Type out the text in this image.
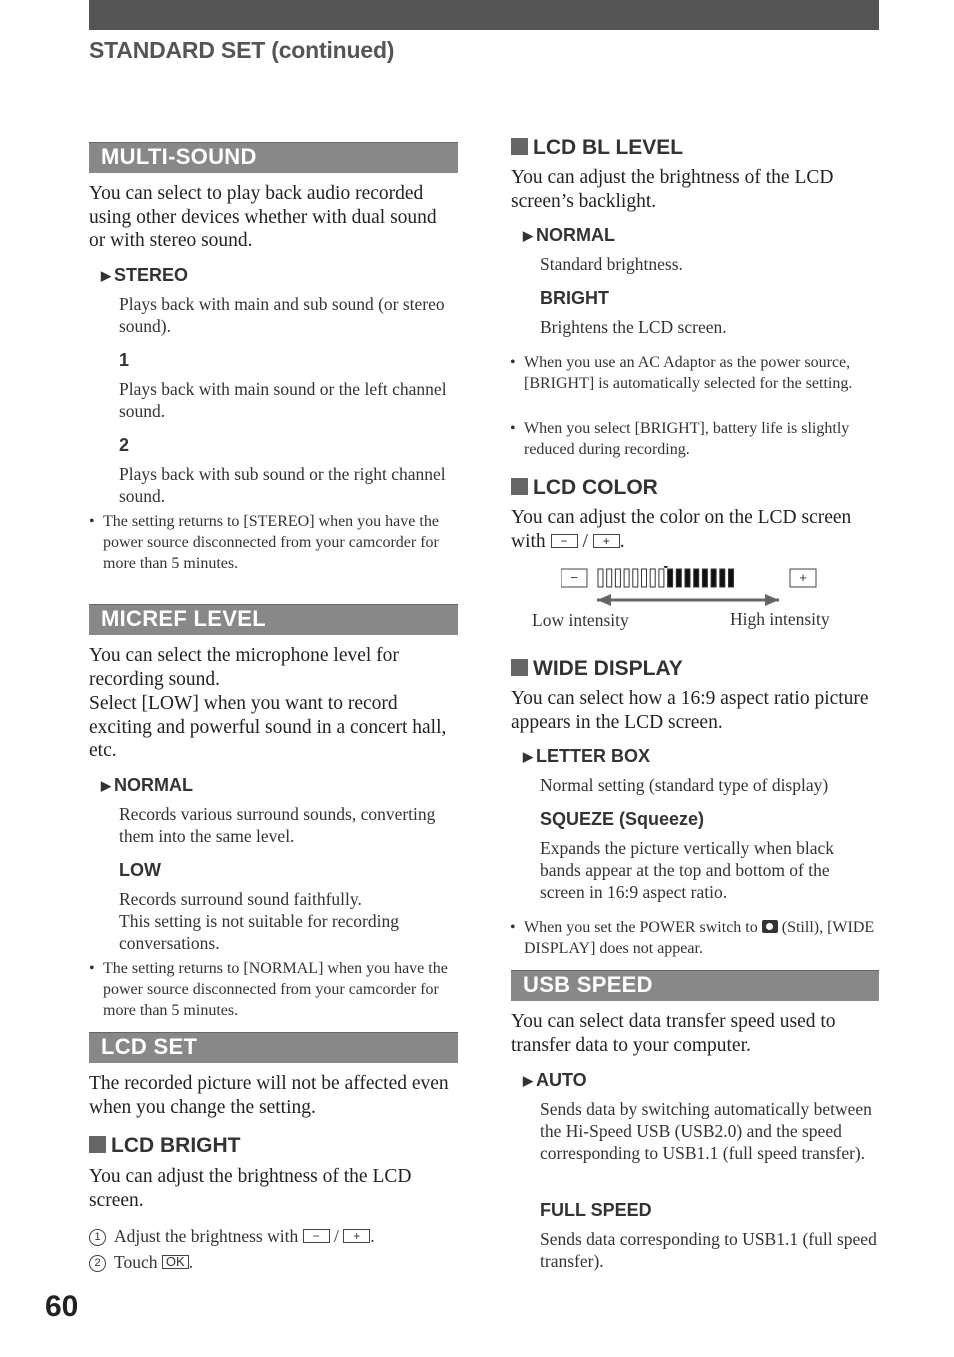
STANDARD SET (continued)
MULTI-SOUND
You can select to play back audio recorded using other devices whether with dual sound or with stereo sound.
▶ STEREO
Plays back with main and sub sound (or stereo sound).
1
Plays back with main sound or the left channel sound.
2
Plays back with sub sound or the right channel sound.
• The setting returns to [STEREO] when you have the power source disconnected from your camcorder for more than 5 minutes.
MICREF LEVEL
You can select the microphone level for recording sound.
Select [LOW] when you want to record exciting and powerful sound in a concert hall, etc.
▶ NORMAL
Records various surround sounds, converting them into the same level.
LOW
Records surround sound faithfully.
This setting is not suitable for recording conversations.
• The setting returns to [NORMAL] when you have the power source disconnected from your camcorder for more than 5 minutes.
LCD SET
The recorded picture will not be affected even when you change the setting.
LCD BRIGHT
You can adjust the brightness of the LCD screen.
1 Adjust the brightness with − / + .
2 Touch OK .
LCD BL LEVEL
You can adjust the brightness of the LCD screen’s backlight.
▶ NORMAL
Standard brightness.
BRIGHT
Brightens the LCD screen.
• When you use an AC Adaptor as the power source, [BRIGHT] is automatically selected for the setting.
• When you select [BRIGHT], battery life is slightly reduced during recording.
LCD COLOR
You can adjust the color on the LCD screen with − / + .
−	+
Low intensity	High intensity
WIDE DISPLAY
You can select how a 16:9 aspect ratio picture appears in the LCD screen.
▶ LETTER BOX
Normal setting (standard type of display)
SQUEZE (Squeeze)
Expands the picture vertically when black bands appear at the top and bottom of the screen in 16:9 aspect ratio.
• When you set the POWER switch to (Still), [WIDE DISPLAY] does not appear.
USB SPEED
You can select data transfer speed used to transfer data to your computer.
▶ AUTO
Sends data by switching automatically between the Hi-Speed USB (USB2.0) and the speed corresponding to USB1.1 (full speed transfer).
FULL SPEED
Sends data corresponding to USB1.1 (full speed transfer).
60
